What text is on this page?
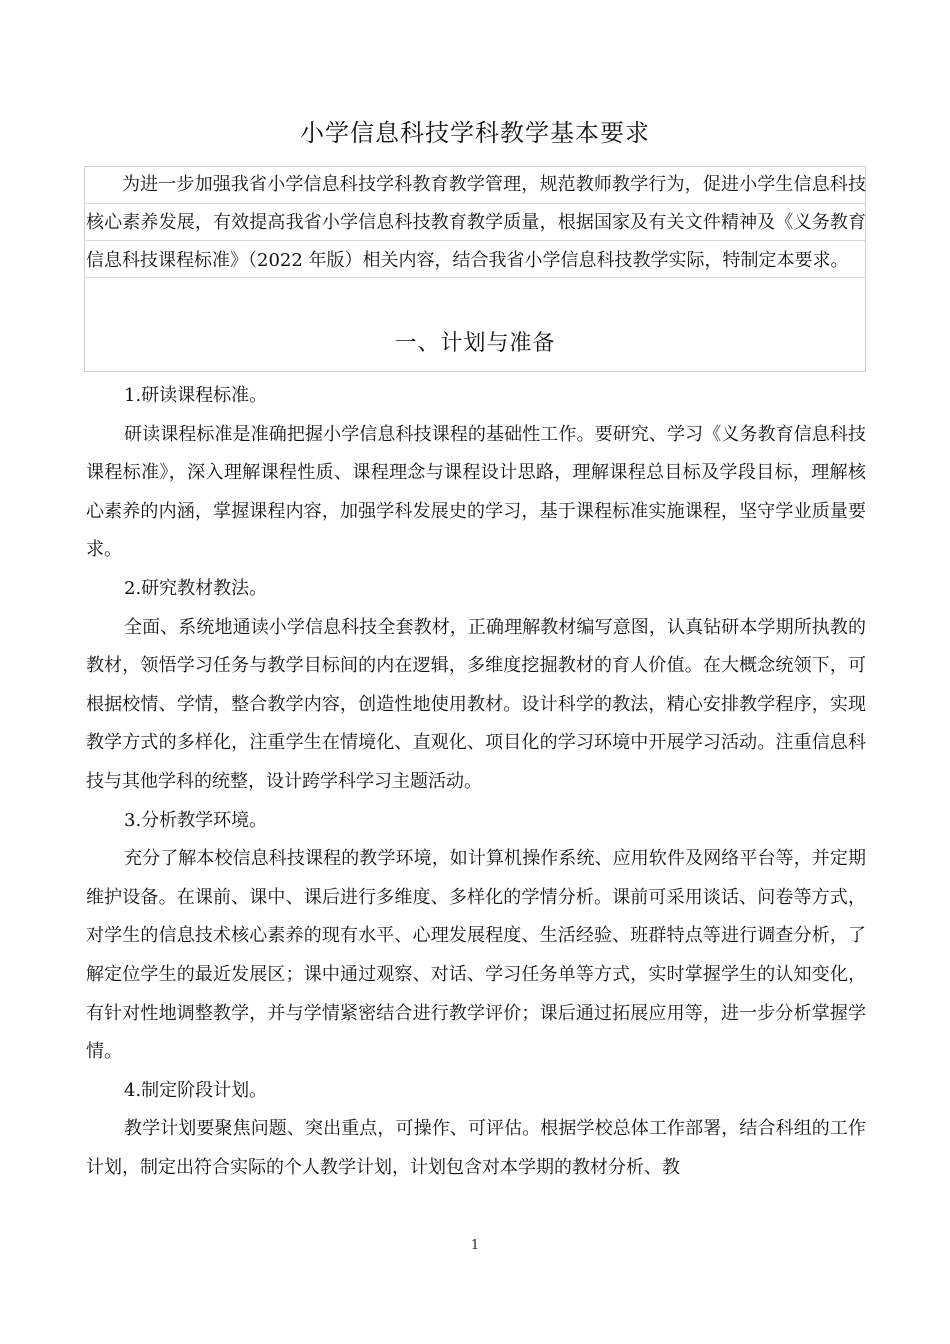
小学信息科技学科教学基本要求
为进一步加强我省小学信息科技学科教育教学管理，规范教师教学行为，促进小学生信息科技核心素养发展，有效提高我省小学信息科技教育教学质量，根据国家及有关文件精神及《义务教育信息科技课程标准》（2022 年版）相关内容，结合我省小学信息科技教学实际，特制定本要求。
一、计划与准备

1.研读课程标准。

研读课程标准是准确把握小学信息科技课程的基础性工作。要研究、学习《义务教育信息科技课程标准》，深入理解课程性质、课程理念与课程设计思路，理解课程总目标及学段目标，理解核心素养的内涵，掌握课程内容，加强学科发展史的学习，基于课程标准实施课程，坚守学业质量要求。

2.研究教材教法。

全面、系统地通读小学信息科技全套教材，正确理解教材编写意图，认真钻研本学期所执教的教材，领悟学习任务与教学目标间的内在逻辑，多维度挖掘教材的育人价值。在大概念统领下，可根据校情、学情，整合教学内容，创造性地使用教材。设计科学的教法，精心安排教学程序，实现教学方式的多样化，注重学生在情境化、直观化、项目化的学习环境中开展学习活动。注重信息科技与其他学科的统整，设计跨学科学习主题活动。

3.分析教学环境。

充分了解本校信息科技课程的教学环境，如计算机操作系统、应用软件及网络平台等，并定期维护设备。在课前、课中、课后进行多维度、多样化的学情分析。课前可采用谈话、问卷等方式，对学生的信息技术核心素养的现有水平、心理发展程度、生活经验、班群特点等进行调查分析，了解定位学生的最近发展区；课中通过观察、对话、学习任务单等方式，实时掌握学生的认知变化，有针对性地调整教学，并与学情紧密结合进行教学评价；课后通过拓展应用等，进一步分析掌握学情。

4.制定阶段计划。

教学计划要聚焦问题、突出重点，可操作、可评估。根据学校总体工作部署，结合科组的工作计划，制定出符合实际的个人教学计划，计划包含对本学期的教材分析、教

1
